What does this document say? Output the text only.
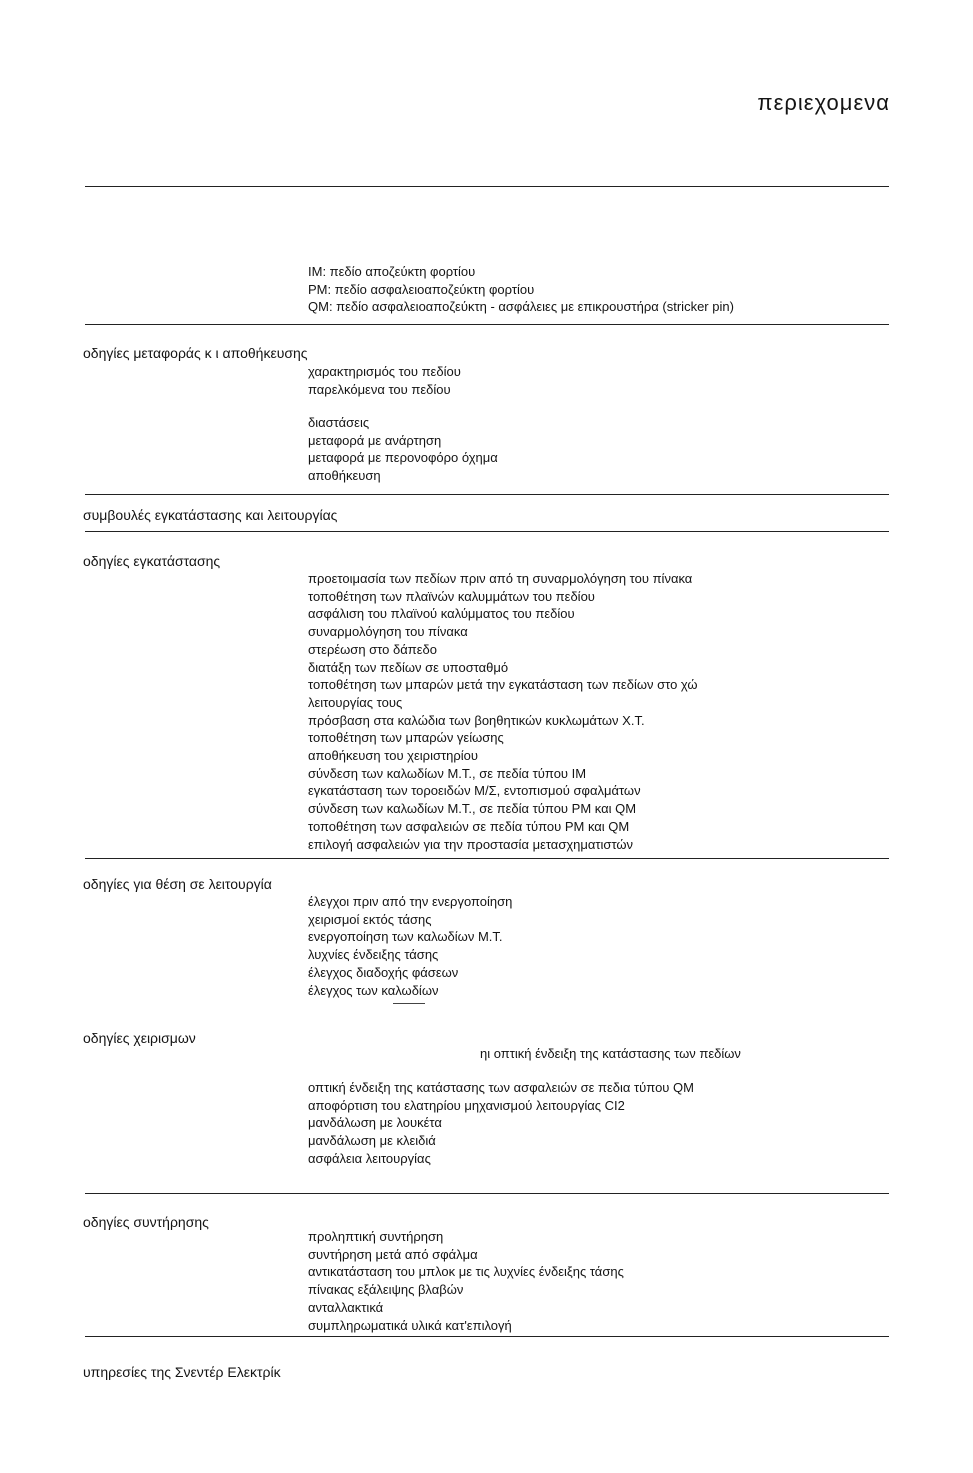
περιεχομενα
IM: πεδίο αποζεύκτη φορτίου
PM: πεδίο ασφαλειοαποζεύκτη φορτίου
QM: πεδίο ασφαλειοαποζεύκτη - ασφάλειες με επικρουστήρα (stricker pin)
οδηγίες μεταφοράς κ ι αποθήκευσης
χαρακτηρισμός του πεδίου
παρελκόμενα του πεδίου
διαστάσεις
μεταφορά με ανάρτηση
μεταφορά με περονοφόρο όχημα
αποθήκευση
συμβουλές εγκατάστασης και λειτουργίας
οδηγίες εγκατάστασης
προετοιμασία των πεδίων πριν από τη συναρμολόγηση του πίνακα
τοποθέτηση των πλαϊνών καλυμμάτων του πεδίου
ασφάλιση του πλαϊνού καλύμματος του πεδίου
συναρμολόγηση του πίνακα
στερέωση στο δάπεδο
διατάξη των πεδίων σε υποσταθμό
τοποθέτηση των μπαρών μετά την εγκατάσταση των πεδίων στο χώ
λειτουργίας τους
πρόσβαση στα καλώδια των βοηθητικών κυκλωμάτων Χ.Τ.
τοποθέτηση των μπαρών γείωσης
αποθήκευση του χειριστηρίου
σύνδεση των καλωδίων Μ.Τ., σε πεδία τύπου IM
εγκατάσταση των τοροειδών Μ/Σ, εντοπισμού σφαλμάτων
σύνδεση των καλωδίων Μ.Τ., σε πεδία τύπου PM και QM
τοποθέτηση των ασφαλειών σε πεδία τύπου PM και QM
επιλογή ασφαλειών για την προστασία μετασχηματιστών
οδηγίες για θέση σε λειτουργία
έλεγχοι πριν από την ενεργοποίηση
χειρισμοί εκτός τάσης
ενεργοποίηση των καλωδίων Μ.Τ.
λυχνίες ένδειξης τάσης
έλεγχος διαδοχής φάσεων
έλεγχος των καλωδίων
οδηγίες χειρισμων
ηι οπτική ένδειξη της κατάστασης των πεδίων
οπτική ένδειξη της κατάστασης των ασφαλειών σε πεδια τύπου QM
αποφόρτιση του ελατηρίου μηχανισμού λειτουργίας CI2
μανδάλωση με λουκέτα
μανδάλωση με κλειδιά
ασφάλεια λειτουργίας
οδηγίες συντήρησης
προληπτική συντήρηση
συντήρηση μετά από σφάλμα
αντικατάσταση του μπλοκ με τις λυχνίες ένδειξης τάσης
πίνακας εξάλειψης βλαβών
ανταλλακτικά
συμπληρωματικά υλικά κατ'επιλογή
υπηρεσίες της Σνεντέρ Ελεκτρίκ
